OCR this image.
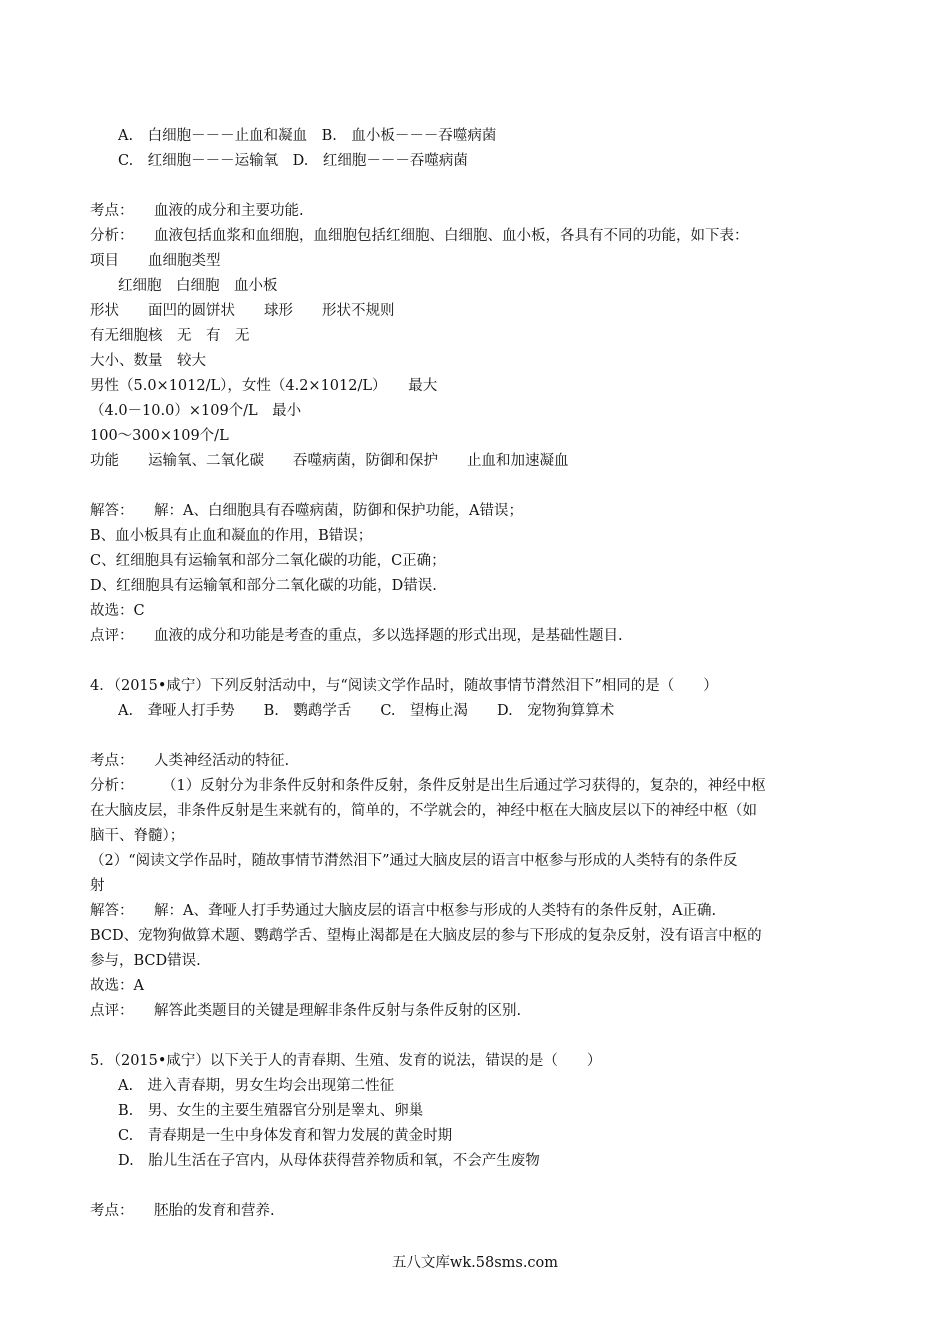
A.　白细胞－－－止血和凝血　B.　血小板－－－吞噬病菌
C.　红细胞－－－运输氧　D.　红细胞－－－吞噬病菌
考点： 血液的成分和主要功能.
分析： 血液包括血浆和血细胞，血细胞包括红细胞、白细胞、血小板，各具有不同的功能，如下表：
项目　　血细胞类型
红细胞　白细胞　血小板
形状　　面凹的圆饼状　　球形　　形状不规则
有无细胞核　无　有　无
大小、数量　较大
男性（5.0×1012/L），女性（4.2×1012/L）　　最大
（4.0－10.0）×109个/L　最小
100～300×109个/L
功能　　运输氧、二氧化碳　　吞噬病菌，防御和保护　　止血和加速凝血
解答： 解：A、白细胞具有吞噬病菌，防御和保护功能，A错误；
B、血小板具有止血和凝血的作用，B错误；
C、红细胞具有运输氧和部分二氧化碳的功能，C正确；
D、红细胞具有运输氧和部分二氧化碳的功能，D错误.
故选：C
点评： 血液的成分和功能是考查的重点，多以选择题的形式出现，是基础性题目.
4．（2015•咸宁）下列反射活动中，与“阅读文学作品时，随故事情节潸然泪下”相同的是（　　）
A.　聋哑人打手势　　B.　鹦鹉学舌　　C.　望梅止渴　　D.　宠物狗算算术
考点： 人类神经活动的特征.
分析： （1）反射分为非条件反射和条件反射，条件反射是出生后通过学习获得的，复杂的，神经中枢
在大脑皮层，非条件反射是生来就有的，简单的，不学就会的，神经中枢在大脑皮层以下的神经中枢（如
脑干、脊髓）；
（2）“阅读文学作品时，随故事情节潸然泪下”通过大脑皮层的语言中枢参与形成的人类特有的条件反
射
解答： 解：A、聋哑人打手势通过大脑皮层的语言中枢参与形成的人类特有的条件反射，A正确.
BCD、宠物狗做算术题、鹦鹉学舌、望梅止渴都是在大脑皮层的参与下形成的复杂反射，没有语言中枢的
参与，BCD错误.
故选：A
点评： 解答此类题目的关键是理解非条件反射与条件反射的区别.
5．（2015•咸宁）以下关于人的青春期、生殖、发育的说法，错误的是（　　）
A.　进入青春期，男女生均会出现第二性征
B.　男、女生的主要生殖器官分别是睾丸、卵巢
C.　青春期是一生中身体发育和智力发展的黄金时期
D.　胎儿生活在子宫内，从母体获得营养物质和氧，不会产生废物
考点： 胚胎的发育和营养.
五八文库wk.58sms.com
